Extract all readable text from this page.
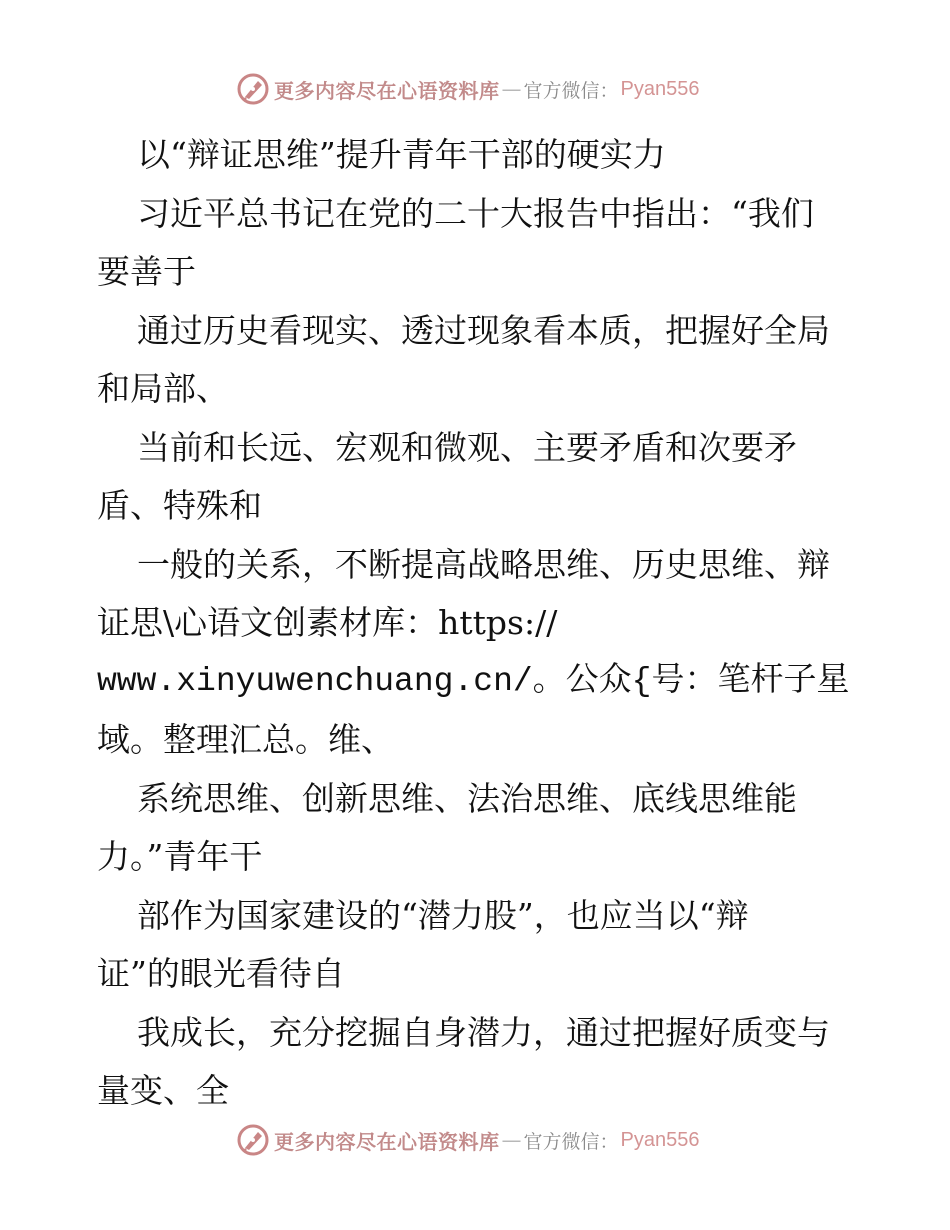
更多内容尽在心语资料库 — 官方微信： Pyan556
以“辩证思维”提升青年干部的硬实力
习近平总书记在党的二十大报告中指出：“我们
要善于
通过历史看现实、透过现象看本质，把握好全局
和局部、
当前和长远、宏观和微观、主要矛盾和次要矛
盾、特殊和
一般的关系，不断提高战略思维、历史思维、辩
证思\心语文创素材库：https://
www.xinyuwenchuang.cn/。公众{号：笔杆子星
域。整理汇总。维、
系统思维、创新思维、法治思维、底线思维能
力。”青年干
部作为国家建设的“潜力股”，也应当以“辩
证”的眼光看待自
我成长，充分挖掘自身潜力，通过把握好质变与
量变、全
更多内容尽在心语资料库 — 官方微信： Pyan556
